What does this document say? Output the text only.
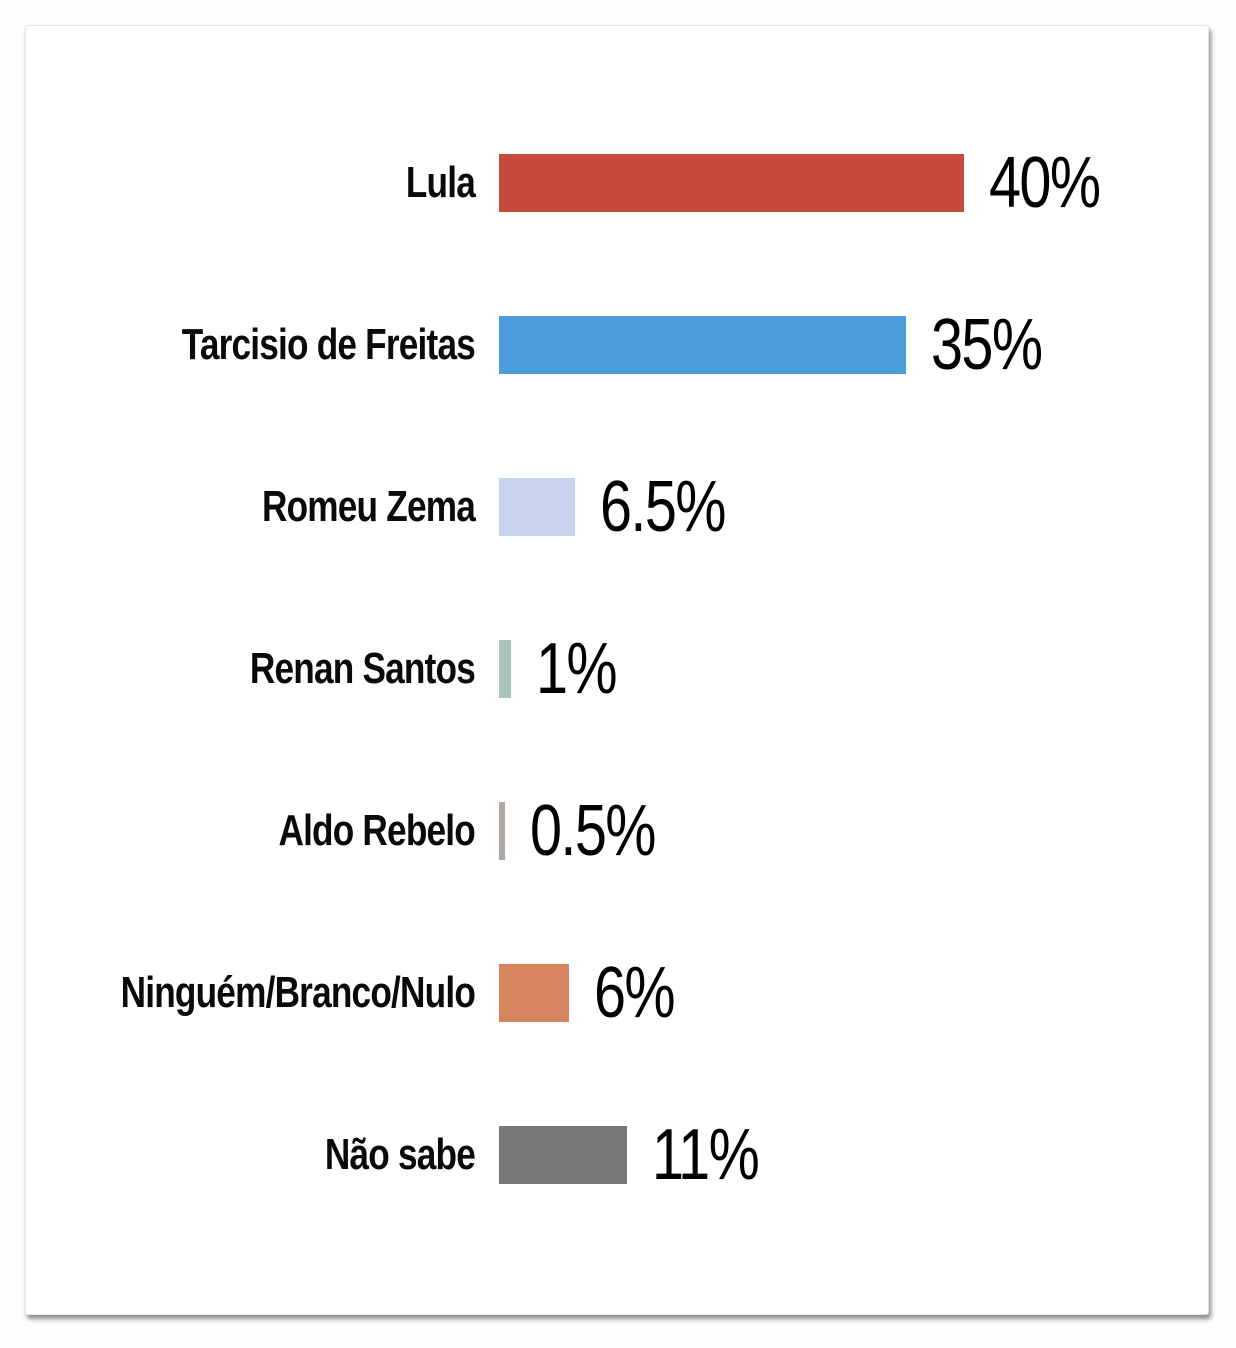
Lula	40%
Tarcisio de Freitas	35%
Romeu Zema	6.5%
Renan Santos 1%
Aldo Rebelo 0.5%
Ninguém/Branco/Nulo	6%
Não sabe	11%
